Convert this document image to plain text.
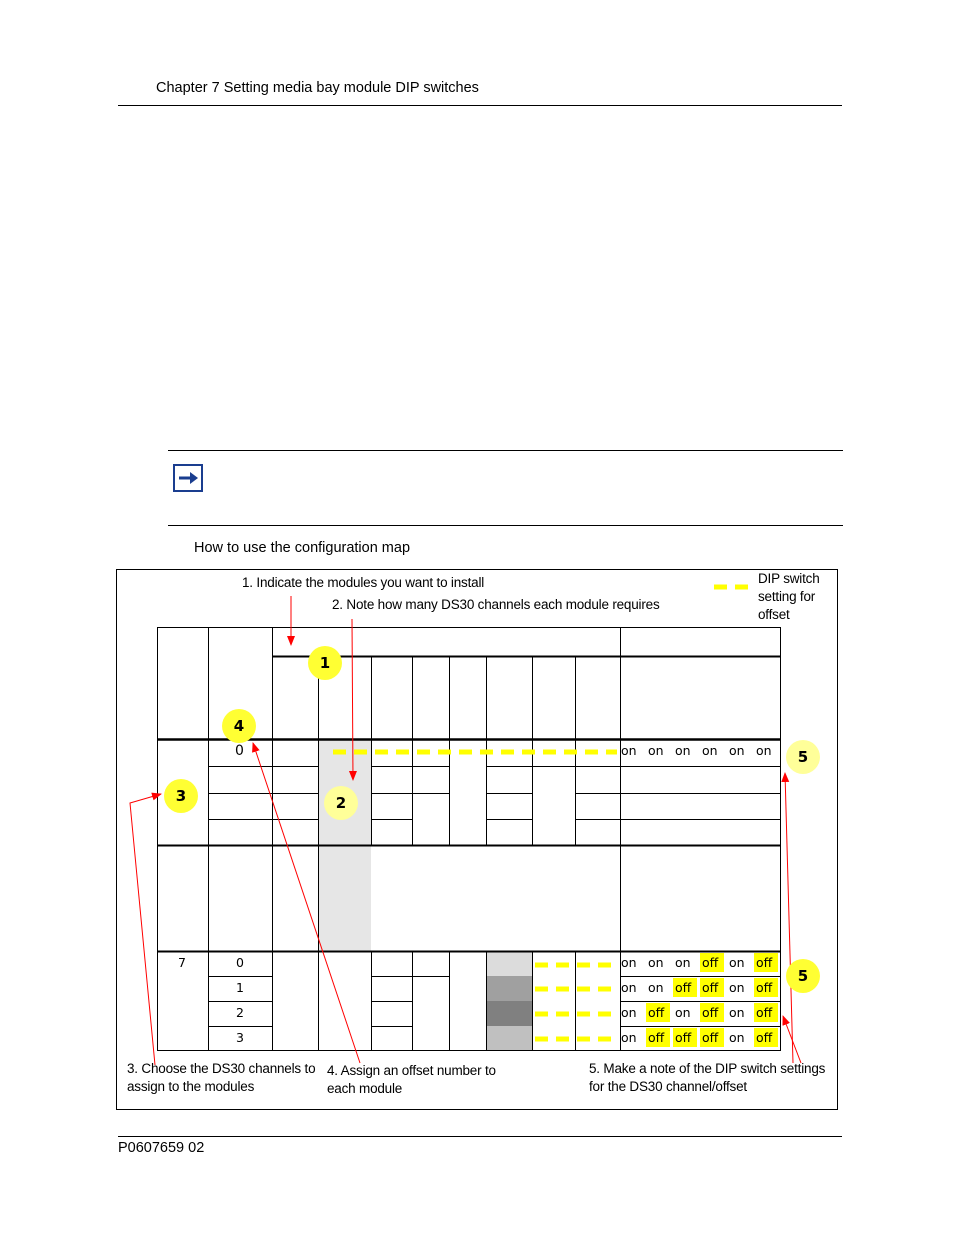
Chapter 7 Setting media bay module DIP switches
How to use the configuration map
1. Indicate the modules you want to install
2. Note how many DS30 channels each module requires
3. Choose the DS30 channels to assign to the modules
4. Assign an offset number to each module
5. Make a note of the DIP switch settings for the DS30 channel/offset
DIP switch setting for offset
1
2
3
4
5
5
0	on on on on on on
7	0
1
2
3
on on on off on off
on on off off on off
on off on off on off
on off off off on off
P0607659 02
